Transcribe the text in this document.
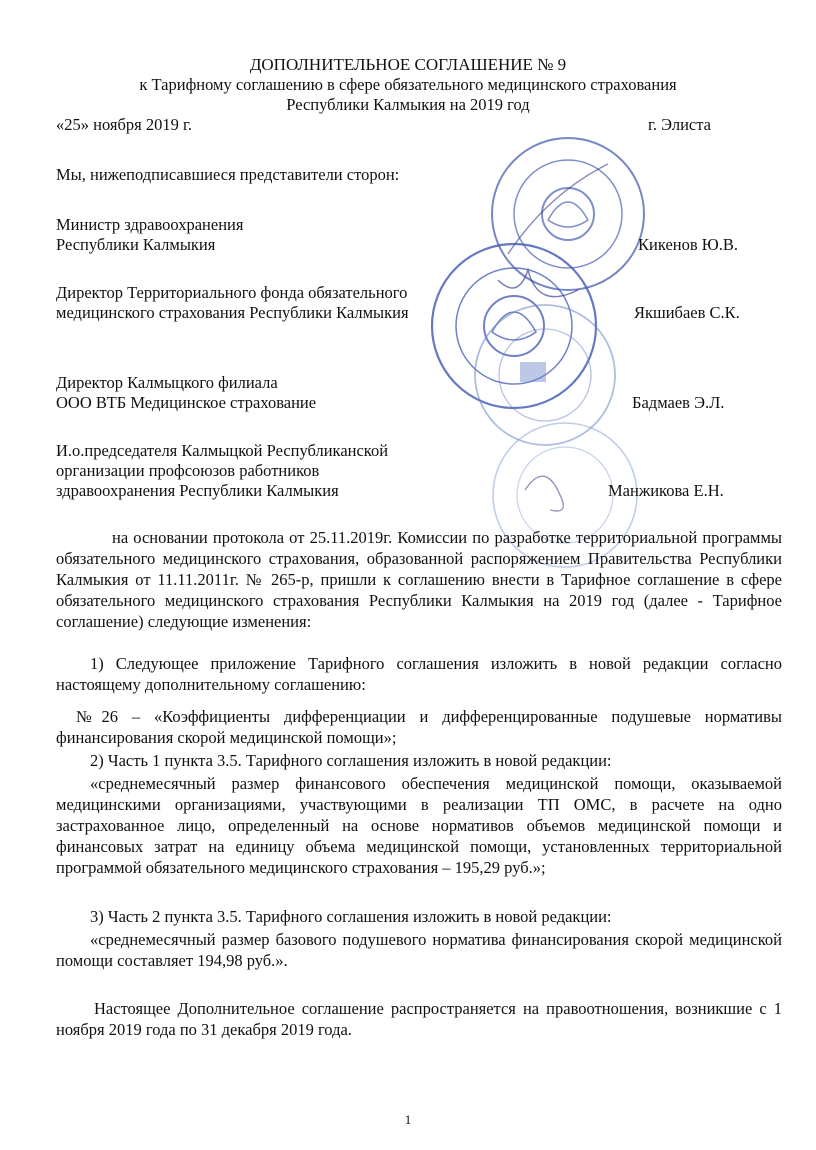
ДОПОЛНИТЕЛЬНОЕ СОГЛАШЕНИЕ № 9
к Тарифному соглашению в сфере обязательного медицинского страхования
Республики Калмыкия на 2019 год
«25» ноября 2019 г.	г. Элиста
Мы, нижеподписавшиеся представители сторон:
Министр здравоохранения
Республики Калмыкия	Кикенов Ю.В.
Директор Территориального фонда обязательного
медицинского страхования Республики Калмыкия	Якшибаев С.К.
Директор Калмыцкого филиала
ООО ВТБ Медицинское страхование	Бадмаев Э.Л.
И.о.председателя Калмыцкой Республиканской
организации профсоюзов работников
здравоохранения Республики Калмыкия	Манжикова Е.Н.
на основании протокола от 25.11.2019г. Комиссии по разработке территориальной программы обязательного медицинского страхования, образованной распоряжением Правительства Республики Калмыкия от 11.11.2011г. № 265-р, пришли к соглашению внести в Тарифное соглашение в сфере обязательного медицинского страхования Республики Калмыкия на 2019 год (далее - Тарифное соглашение) следующие изменения:
1) Следующее приложение Тарифного соглашения изложить в новой редакции согласно настоящему дополнительному соглашению:
№26 – «Коэффициенты дифференциации и дифференцированные подушевые нормативы финансирования скорой медицинской помощи»;
2) Часть 1 пункта 3.5. Тарифного соглашения изложить в новой редакции:
«среднемесячный размер финансового обеспечения медицинской помощи, оказываемой медицинскими организациями, участвующими в реализации ТП ОМС, в расчете на одно застрахованное лицо, определенный на основе нормативов объемов медицинской помощи и финансовых затрат на единицу объема медицинской помощи, установленных территориальной программой обязательного медицинского страхования – 195,29 руб.»;
3) Часть 2 пункта 3.5. Тарифного соглашения изложить в новой редакции:
«среднемесячный размер базового подушевого норматива финансирования скорой медицинской помощи составляет 194,98 руб.».
Настоящее Дополнительное соглашение распространяется на правоотношения, возникшие с 1 ноября 2019 года по 31 декабря 2019 года.
1
